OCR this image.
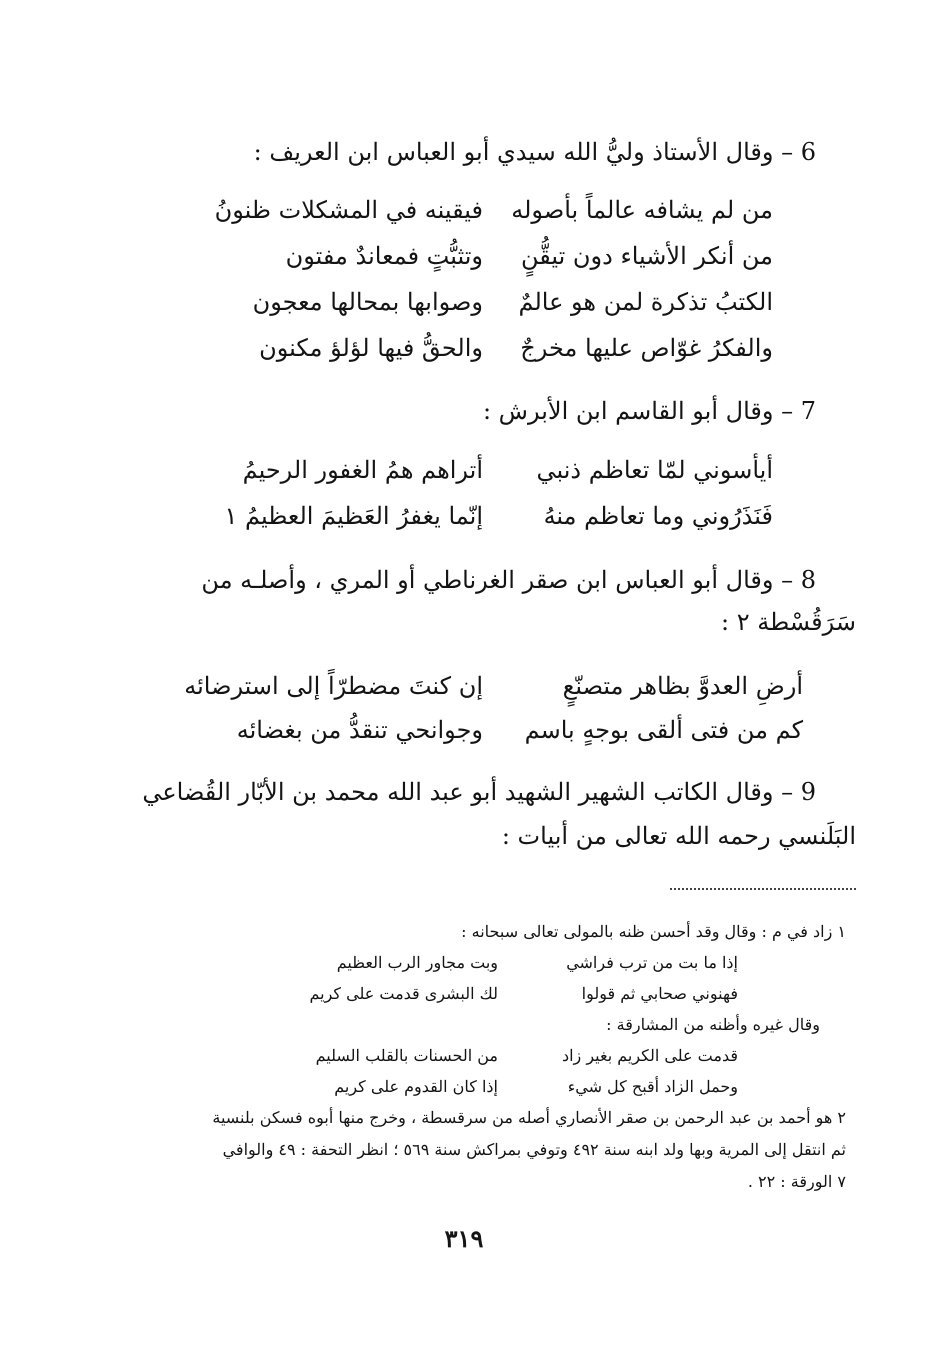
6 – وقال الأستاذ وليُّ الله سيدي أبو العباس ابن العريف :
من لم يشافه عالماً بأصوله
فيقينه في المشكلات ظنونُ
من أنكر الأشياء دون تيقُّنٍ
وتثبُّتٍ فمعاندٌ مفتون
الكتبُ تذكرة لمن هو عالمٌ
وصوابها بمحالها معجون
والفكرُ غوّاص عليها مخرجٌ
والحقُّ فيها لؤلؤ مكنون
7 – وقال أبو القاسم ابن الأبرش :
أيأسوني لمّا تعاظم ذنبي
أتراهم همُ الغفور الرحيمُ
فَنَذَرُوني وما تعاظم منهُ
إنّما يغفرُ العَظيمَ العظيمُ ١
8 – وقال أبو العباس ابن صقر الغرناطي أو المري ، وأصلـه من
سَرَقُسْطة ٢ :
أرضِ العدوَّ بظاهر متصنّعٍ
إن كنتَ مضطرّاً إلى استرضائه
كم من فتى ألقى بوجهٍ باسم
وجوانحي تنقدُّ من بغضائه
9 – وقال الكاتب الشهير الشهيد أبو عبد الله محمد بن الأبّار القُضاعي
البَلَنسي رحمه الله تعالى من أبيات :
١ زاد في م : وقال وقد أحسن ظنه بالمولى تعالى سبحانه :
إذا ما بت من ترب فراشي
وبت مجاور الرب العظيم
فهنوني صحابي ثم قولوا
لك البشرى قدمت على كريم
وقال غيره وأظنه من المشارقة :
قدمت على الكريم بغير زاد
من الحسنات بالقلب السليم
وحمل الزاد أقبح كل شيء
إذا كان القدوم على كريم
٢ هو أحمد بن عبد الرحمن بن صقر الأنصاري أصله من سرقسطة ، وخرج منها أبوه فسكن بلنسية
ثم انتقل إلى المرية وبها ولد ابنه سنة ٤٩٢ وتوفي بمراكش سنة ٥٦٩ ؛ انظر التحفة : ٤٩ والوافي
٧ الورقة : ٢٢ .
٣١٩
